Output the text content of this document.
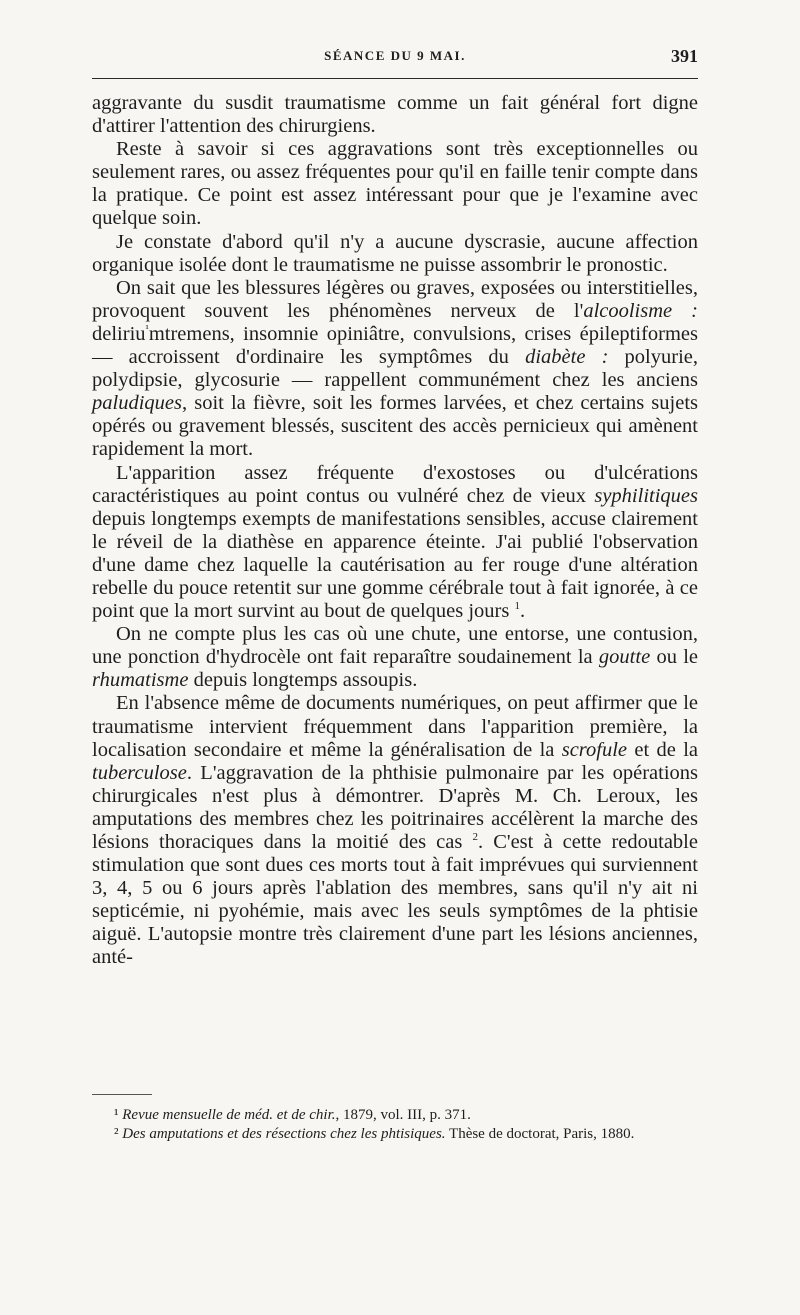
SÉANCE DU 9 MAI.	391

aggravante du susdit traumatisme comme un fait général fort digne d'attirer l'attention des chirurgiens.

Reste à savoir si ces aggravations sont très exceptionnelles ou seulement rares, ou assez fréquentes pour qu'il en faille tenir compte dans la pratique. Ce point est assez intéressant pour que je l'examine avec quelque soin.

Je constate d'abord qu'il n'y a aucune dyscrasie, aucune affection organique isolée dont le traumatisme ne puisse assombrir le pronostic.

On sait que les blessures légères ou graves, exposées ou interstitielles, provoquent souvent les phénomènes nerveux de l'alcoolisme : deliriu$^{^1}$mtremens, insomnie opiniâtre, convulsions, crises épileptiformes — accroissent d'ordinaire les symptômes du diabète : polyurie, polydipsie, glycosurie — rappellent communément chez les anciens paludiques, soit la fièvre, soit les formes larvées, et chez certains sujets opérés ou gravement blessés, suscitent des accès pernicieux qui amènent rapidement la mort.

L'apparition assez fréquente d'exostoses ou d'ulcérations caractéristiques au point contus ou vulnéré chez de vieux syphilitiques depuis longtemps exempts de manifestations sensibles, accuse clairement le réveil de la diathèse en apparence éteinte. J'ai publié l'observation d'une dame chez laquelle la cautérisation au fer rouge d'une altération rebelle du pouce retentit sur une gomme cérébrale tout à fait ignorée, à ce point que la mort survint au bout de quelques jours $^1$.

On ne compte plus les cas où une chute, une entorse, une contusion, une ponction d'hydrocèle ont fait reparaître soudainement la goutte ou le rhumatisme depuis longtemps assoupis.

En l'absence même de documents numériques, on peut affirmer que le traumatisme intervient fréquemment dans l'apparition première, la localisation secondaire et même la généralisation de la scrofule et de la tuberculose. L'aggravation de la phthisie pulmonaire par les opérations chirurgicales n'est plus à démontrer. D'après M. Ch. Leroux, les amputations des membres chez les poitrinaires accélèrent la marche des lésions thoraciques dans la moitié des cas $^2$. C'est à cette redoutable stimulation que sont dues ces morts tout à fait imprévues qui surviennent 3, 4, 5 ou 6 jours après l'ablation des membres, sans qu'il n'y ait ni septicémie, ni pyohémie, mais avec les seuls symptômes de la phtisie aiguë. L'autopsie montre très clairement d'une part les lésions anciennes, anté-

¹ Revue mensuelle de méd. et de chir., 1879, vol. III, p. 371.

² Des amputations et des résections chez les phtisiques. Thèse de doctorat, Paris, 1880.
